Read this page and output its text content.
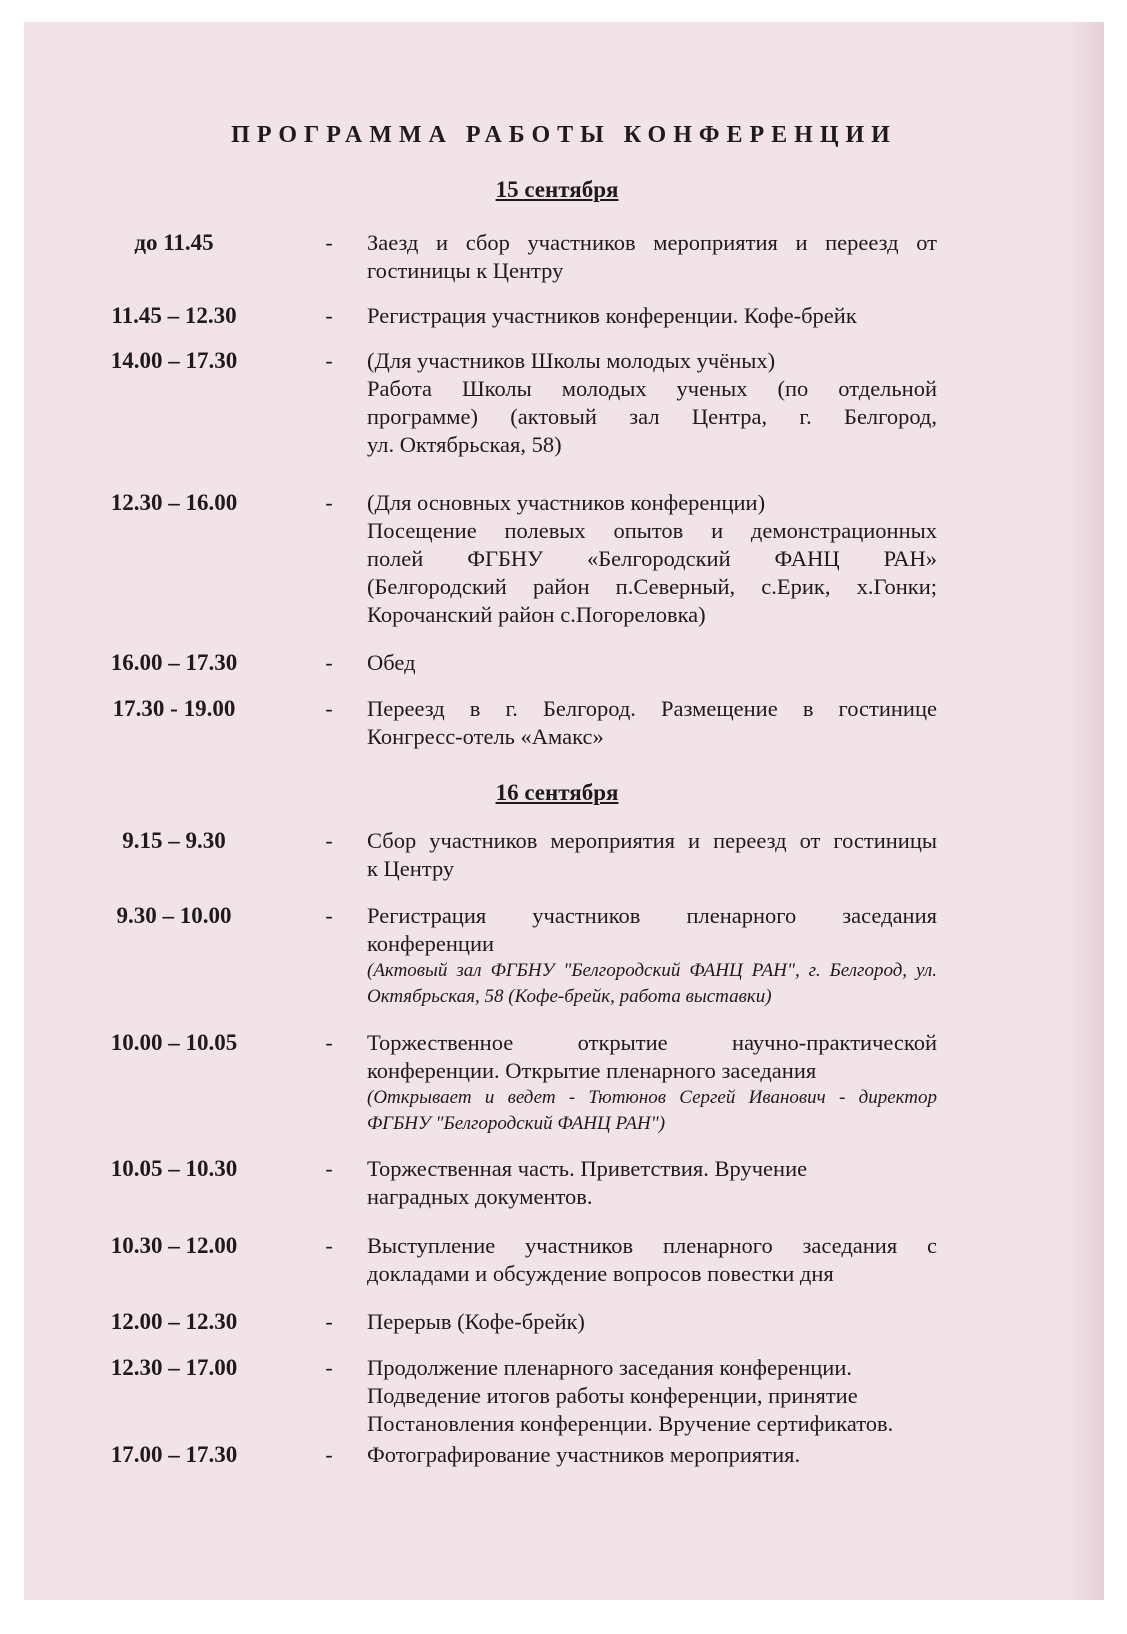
ПРОГРАММА РАБОТЫ КОНФЕРЕНЦИИ
15 сентября
до 11.45	-	Заезд и сбор участников мероприятия и переезд от
гостиницы к Центру
11.45 – 12.30	-	Регистрация участников конференции. Кофе-брейк
14.00 – 17.30	-	(Для участников Школы молодых учёных)
Работа Школы молодых ученых (по отдельной
программе) (актовый зал Центра, г. Белгород,
ул. Октябрьская, 58)
12.30 – 16.00	-	(Для основных участников конференции)
Посещение полевых опытов и демонстрационных
полей ФГБНУ «Белгородский ФАНЦ РАН»
(Белгородский район п.Северный, с.Ерик, х.Гонки;
Корочанский район с.Погореловка)
16.00 – 17.30	-	Обед
17.30 - 19.00	-	Переезд в г. Белгород. Размещение в гостинице
Конгресс-отель «Амакс»
16 сентября
9.15 – 9.30	-	Сбор участников мероприятия и переезд от гостиницы
к Центру
9.30 – 10.00	-	Регистрация участников пленарного заседания
конференции
(Актовый зал ФГБНУ "Белгородский ФАНЦ РАН", г. Белгород, ул. Октябрьская, 58 (Кофе-брейк, работа выставки)
10.00 – 10.05	-	Торжественное открытие научно-практической
конференции. Открытие пленарного заседания
(Открывает и ведет - Тютюнов Сергей Иванович - директор ФГБНУ "Белгородский ФАНЦ РАН")
10.05 – 10.30	-	Торжественная часть. Приветствия. Вручение
наградных документов.
10.30 – 12.00	-	Выступление участников пленарного заседания с
докладами и обсуждение вопросов повестки дня
12.00 – 12.30	-	Перерыв (Кофе-брейк)
12.30 – 17.00	-	Продолжение пленарного заседания конференции.
Подведение итогов работы конференции, принятие
Постановления конференции. Вручение сертификатов.
17.00 – 17.30	-	Фотографирование участников мероприятия.
